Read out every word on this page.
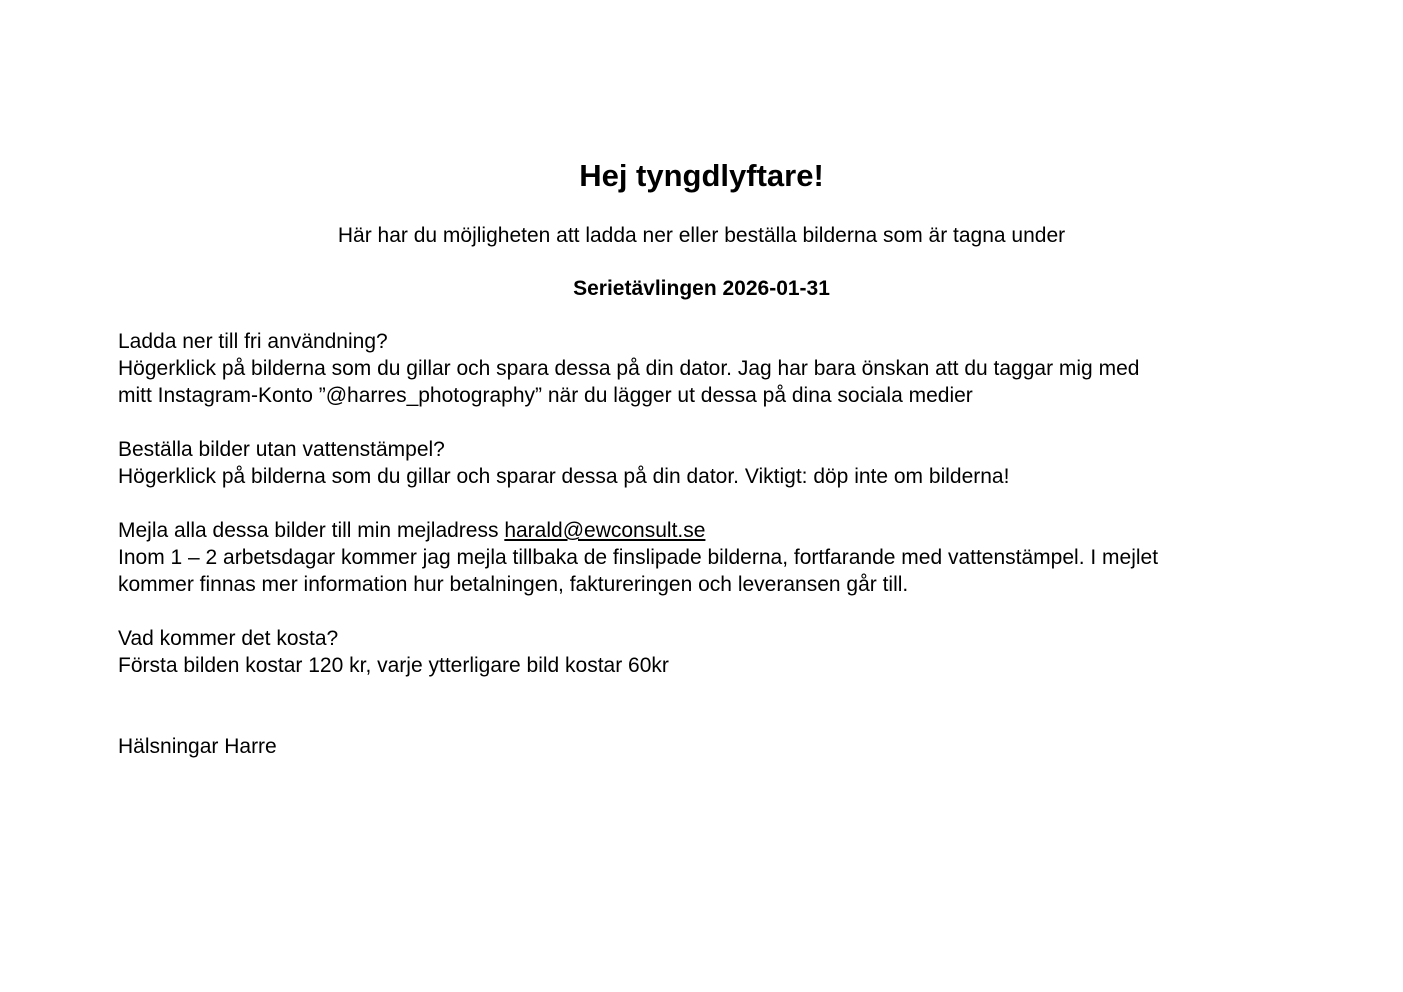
Hej tyngdlyftare!

Här har du möjligheten att ladda ner eller beställa bilderna som är tagna under

Serietävlingen 2026-01-31

Ladda ner till fri användning?

Högerklick på bilderna som du gillar och spara dessa på din dator. Jag har bara önskan att du taggar mig med

mitt Instagram-Konto ”@harres_photography” när du lägger ut dessa på dina sociala medier

Beställa bilder utan vattenstämpel?

Högerklick på bilderna som du gillar och sparar dessa på din dator. Viktigt: döp inte om bilderna!

Mejla alla dessa bilder till min mejladress harald@ewconsult.se

Inom 1 – 2 arbetsdagar kommer jag mejla tillbaka de finslipade bilderna, fortfarande med vattenstämpel. I mejlet

kommer finnas mer information hur betalningen, faktureringen och leveransen går till.

Vad kommer det kosta?

Första bilden kostar 120 kr, varje ytterligare bild kostar 60kr

Hälsningar Harre
